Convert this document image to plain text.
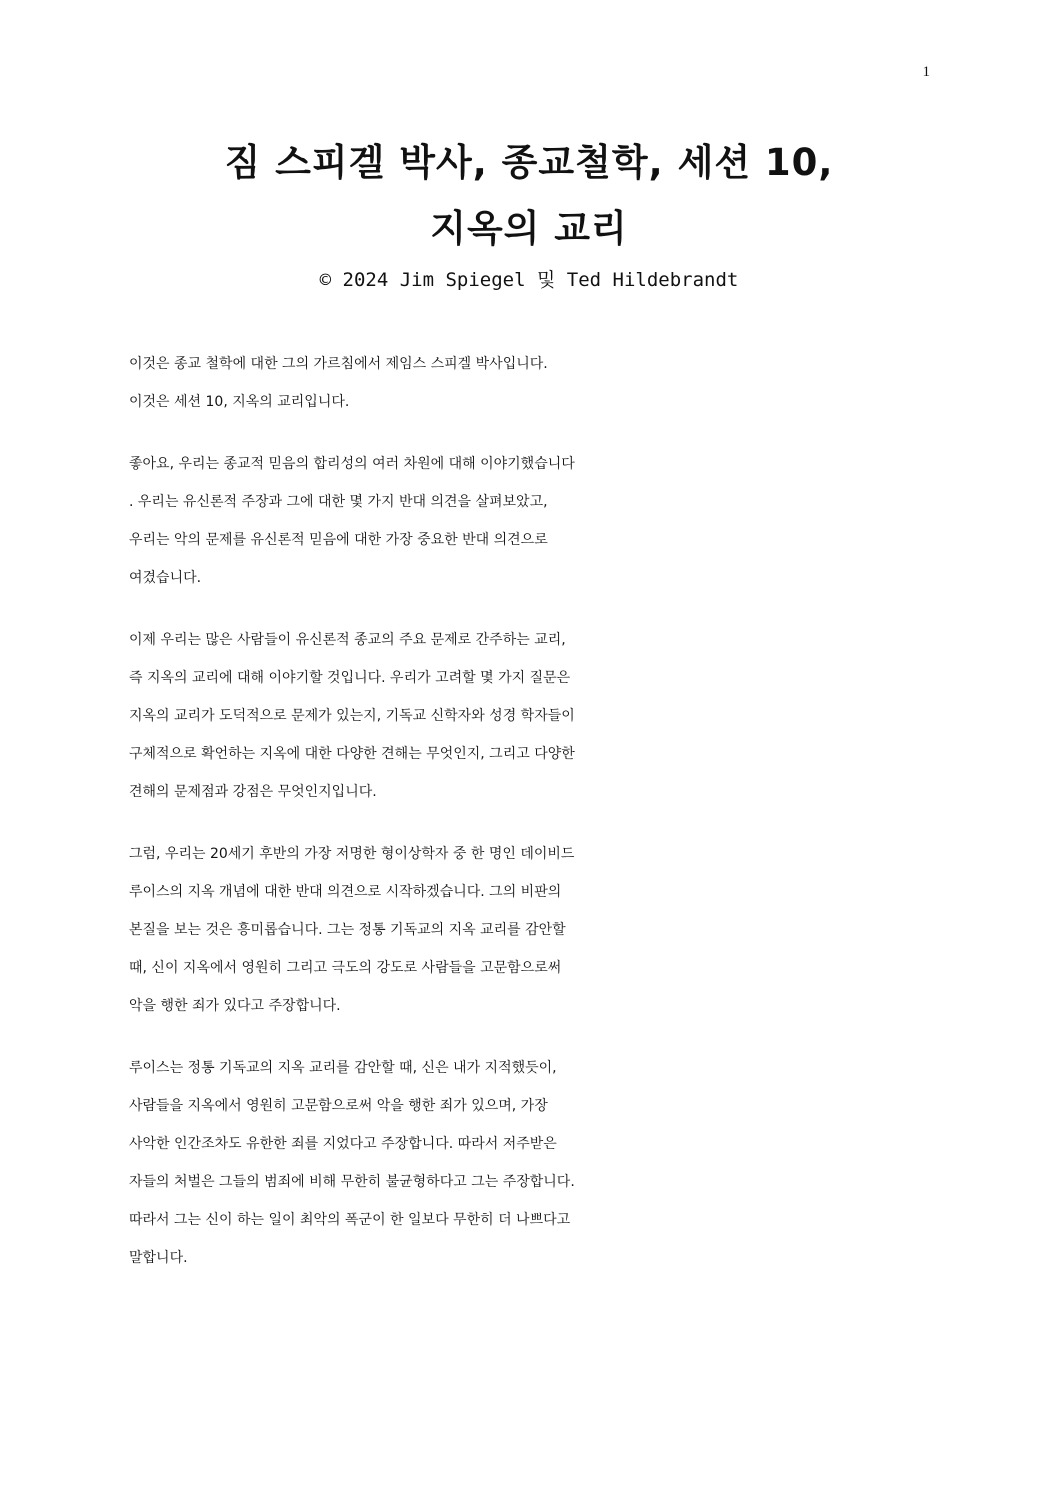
1
짐 스피겔 박사, 종교철학, 세션 10,
지옥의 교리
© 2024 Jim Spiegel 및 Ted Hildebrandt
이것은 종교 철학에 대한 그의 가르침에서 제임스 스피겔 박사입니다.
이것은 세션 10, 지옥의 교리입니다.
좋아요, 우리는 종교적 믿음의 합리성의 여러 차원에 대해 이야기했습니다
. 우리는 유신론적 주장과 그에 대한 몇 가지 반대 의견을 살펴보았고,
우리는 악의 문제를 유신론적 믿음에 대한 가장 중요한 반대 의견으로
여겼습니다.
이제 우리는 많은 사람들이 유신론적 종교의 주요 문제로 간주하는 교리,
즉 지옥의 교리에 대해 이야기할 것입니다. 우리가 고려할 몇 가지 질문은
지옥의 교리가 도덕적으로 문제가 있는지, 기독교 신학자와 성경 학자들이
구체적으로 확언하는 지옥에 대한 다양한 견해는 무엇인지, 그리고 다양한
견해의 문제점과 강점은 무엇인지입니다.
그럼, 우리는 20세기 후반의 가장 저명한 형이상학자 중 한 명인 데이비드
루이스의 지옥 개념에 대한 반대 의견으로 시작하겠습니다. 그의 비판의
본질을 보는 것은 흥미롭습니다. 그는 정통 기독교의 지옥 교리를 감안할
때, 신이 지옥에서 영원히 그리고 극도의 강도로 사람들을 고문함으로써
악을 행한 죄가 있다고 주장합니다.
루이스는 정통 기독교의 지옥 교리를 감안할 때, 신은 내가 지적했듯이,
사람들을 지옥에서 영원히 고문함으로써 악을 행한 죄가 있으며, 가장
사악한 인간조차도 유한한 죄를 지었다고 주장합니다. 따라서 저주받은
자들의 처벌은 그들의 범죄에 비해 무한히 불균형하다고 그는 주장합니다.
따라서 그는 신이 하는 일이 최악의 폭군이 한 일보다 무한히 더 나쁘다고
말합니다.
